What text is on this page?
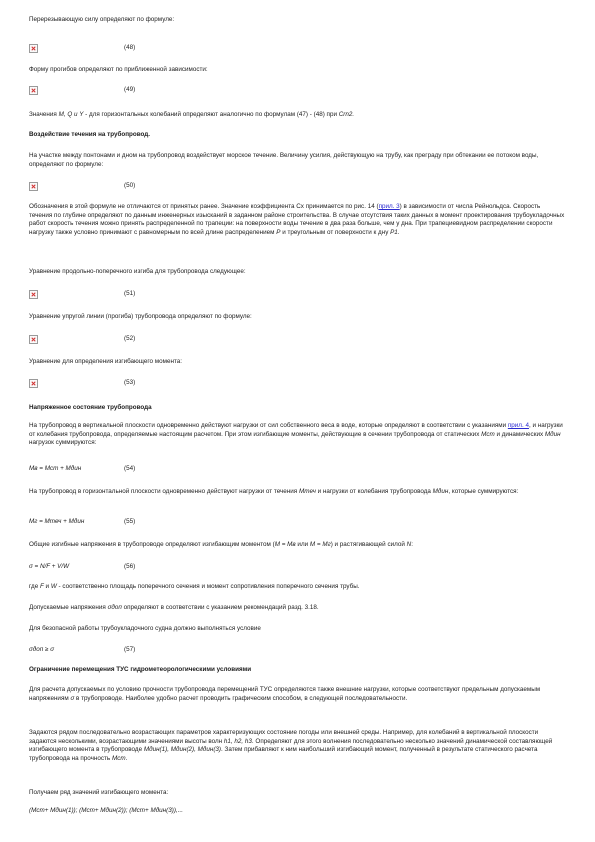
Перерезывающую силу определяют по формуле:
(48)
Форму прогибов определяют по приближенной зависимости:
(49)
Значения M, Q и Y - для горизонтальных колебаний определяют аналогично по формулам (47) - (48) при Crn2.
Воздействие течения на трубопровод.
На участке между понтонами и дном на трубопровод воздействует морское течение. Величину усилия, действующую на трубу, как преграду при обтекании ее потоком воды, определяют по формуле:
(50)
Обозначения в этой формуле не отличаются от принятых ранее. Значение коэффициента Cx принимается по рис. 14 (прил. 3) в зависимости от числа Рейнольдса. Скорость течения по глубине определяют по данным инженерных изысканий в заданном районе строительства. В случае отсутствия таких данных в момент проектирования трубоукладочных работ скорость течения можно принять распределенной по трапеции: на поверхности воды течение в два раза больше, чем у дна. При трапециевидном распределении скорости нагрузку также условно принимают с равномерным по всей длине распределением P и треугольным от поверхности к дну P1.
Уравнение продольно-поперечного изгиба для трубопровода следующее:
(51)
Уравнение упругой линии (прогиба) трубопровода определяют по формуле:
(52)
Уравнение для определения изгибающего момента:
(53)
Напряженное состояние трубопровода
На трубопровод в вертикальной плоскости одновременно действуют нагрузки от сил собственного веса в воде, которые определяют в соответствии с указаниями прил. 4, и нагрузки от колебания трубопровода, определяемые настоящим расчетом. При этом изгибающие моменты, действующие в сечении трубопровода от статических Mcm и динамических Mдин нагрузок суммируются:
Mв = Mcm + Mдин	(54)
На трубопровод в горизонтальной плоскости одновременно действуют нагрузки от течения Mтеч и нагрузки от колебания трубопровода Mдин, которые суммируются:
Mг = Mтеч + Mдин	(55)
Общие изгибные напряжения в трубопроводе определяют изгибающим моментом (M = Mв или M = Mг) и растягивающей силой N:
σ = N/F + V/W	(56)
где F и W - соответственно площадь поперечного сечения и момент сопротивления поперечного сечения трубы.
Допускаемые напряжения σдоп определяют в соответствии с указанием рекомендаций разд. 3.18.
Для безопасной работы трубоукладочного судна должно выполняться условие
σдоп ≥ σ	(57)
Ограничение перемещения ТУС гидрометеорологическими условиями
Для расчета допускаемых по условию прочности трубопровода перемещений ТУС определяются также внешние нагрузки, которые соответствуют предельным допускаемым напряжениям σ в трубопроводе. Наиболее удобно расчет проводить графическим способом, в следующей последовательности.
Задаются рядом последовательно возрастающих параметров характеризующих состояние погоды или внешней среды. Например, для колебаний в вертикальной плоскости задаются несколькими, возрастающими значениями высоты волн h1, h2, h3. Определяют для этого волнения последовательно несколько значений динамической составляющей изгибающего момента в трубопроводе Mдин(1), Mдин(2), Mдин(3). Затем прибавляют к ним наибольший изгибающий момент, полученный в результате статического расчета трубопровода на прочность Mcm.
Получаем ряд значений изгибающего момента:
(Mcm+ Mдин(1)); (Mcm+ Mдин(2)); (Mcm+ Mдин(3)),...
